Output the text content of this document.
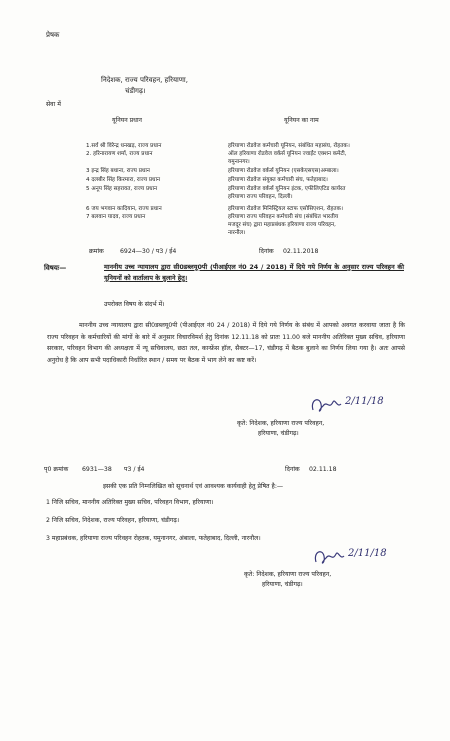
प्रेषक
निदेशक, राज्य परिवहन, हरियाणा,
चंडीगढ़।
सेवा में
यूनियन प्रधान	यूनियन का नाम
1.सर्व श्री विरेन्द्र धनखड़, राज्य प्रधान	हरियाणा रोडवेज कर्मचारी यूनियन, संबंधित महासंघ, रोहतक।
2. हरिनारायण शर्मा, राज्य प्रधान	ऑल हरियाणा रोडवेज वर्कर्स यूनियन ज्वाईंट एक्शन कमेटी,
यमुनानगर।
3 इन्द्र सिंह बधाना, राज्य प्रधान	हरियाणा रोडवेज वर्कर्स यूनियन (एसकेएसएस)अम्बाला।
4 दलबीर सिंह किरमारा, राज्य प्रधान	हरियाणा रोडवेज संयुक्त कर्मचारी संघ, फतेहाबाद।
5 अनूप सिंह सहरावत, राज्य प्रधान	हरियाणा रोडवेज वर्कर्स यूनियन इंटक, एफीलिएटिड कार्यरत
हरियाणा राज्य परिवहन, दिल्ली।
6 जय भगवान कादियान, राज्य प्रधान	हरियाणा रोडवेज मिनिस्ट्रियल स्टाफ एसोसिएशन, रोहतक।
7 बलवान यादव, राज्य प्रधान	हरियाणा राज्य परिवहन कर्मचारी संघ (संबंधित भारतीय
मजदूर संघ) द्वारा महाप्रबंधक हरियाणा राज्य परिवहन,
नारनौल।
क्रमांक	6924—30 / प3 / ई4	दिनांक 02.11.2018
विषयः—	माननीय उच्च न्यायालय द्वारा सी0डब्लयू0पी (पीआईएल नं0 24 / 2018) में दिये गये निर्णय के अनुसार राज्य परिवहन की यूनियनों को वार्तालाप के बुलाने हेतु।
उपरोक्त विषय के संदर्भ में।
माननीय उच्च न्यायालय द्वारा सी0डब्लयू0पी (पीआईएल नं0 24 / 2018) में दिये गये निर्णय के संबंध में आपको अवगत करवाया जाता है कि राज्य परिवहन के कर्मचारियों की मांगों के बारे में अनुसार विचारविमर्श हेतु दिनांक 12.11.18 को प्रातः 11.00 बजे माननीय अतिरिक्त मुख्य सचिव, हरियाणा सरकार, परिवहन विभाग की अध्यक्षता में न्यू सचिवालय, छठा तल, कान्फ्रेंस हॉल, सैक्टर—17, चंडीगढ़ में बैठक बुलाने का निर्णय लिया गया है। अतः आपसे अनुरोध है कि आप सभी पदाधिकारी निर्धारित स्थान / समय पर बैठक में भाग लेने का कष्ट करें।
2/11/18
कृते: निदेशक, हरियाणा राज्य परिवहन,
हरियाणा, चंडीगढ़।
पृ0 क्रमांक 6931—38 प3 / ई4	दिनांक 02.11.18
इसकी एक प्रति निम्नलिखित को सूचनार्थ एवं आवश्यक कार्यवाही हेतु प्रेषित है:—
1 निजि सचिव, माननीय अतिरिक्त मुख्य सचिव, परिवहन विभाग, हरियाणा।
2 निजि सचिव, निदेशक, राज्य परिवहन, हरियाणा, चंडीगढ़।
3 महाप्रबंधक, हरियाणा राज्य परिवहन रोहतक, यमुनानगर, अंबाला, फतेहाबाद, दिल्ली, नारनौल।
2/11/18
कृते: निदेशक, हरियाणा राज्य परिवहन,
हरियाणा, चंडीगढ़।
